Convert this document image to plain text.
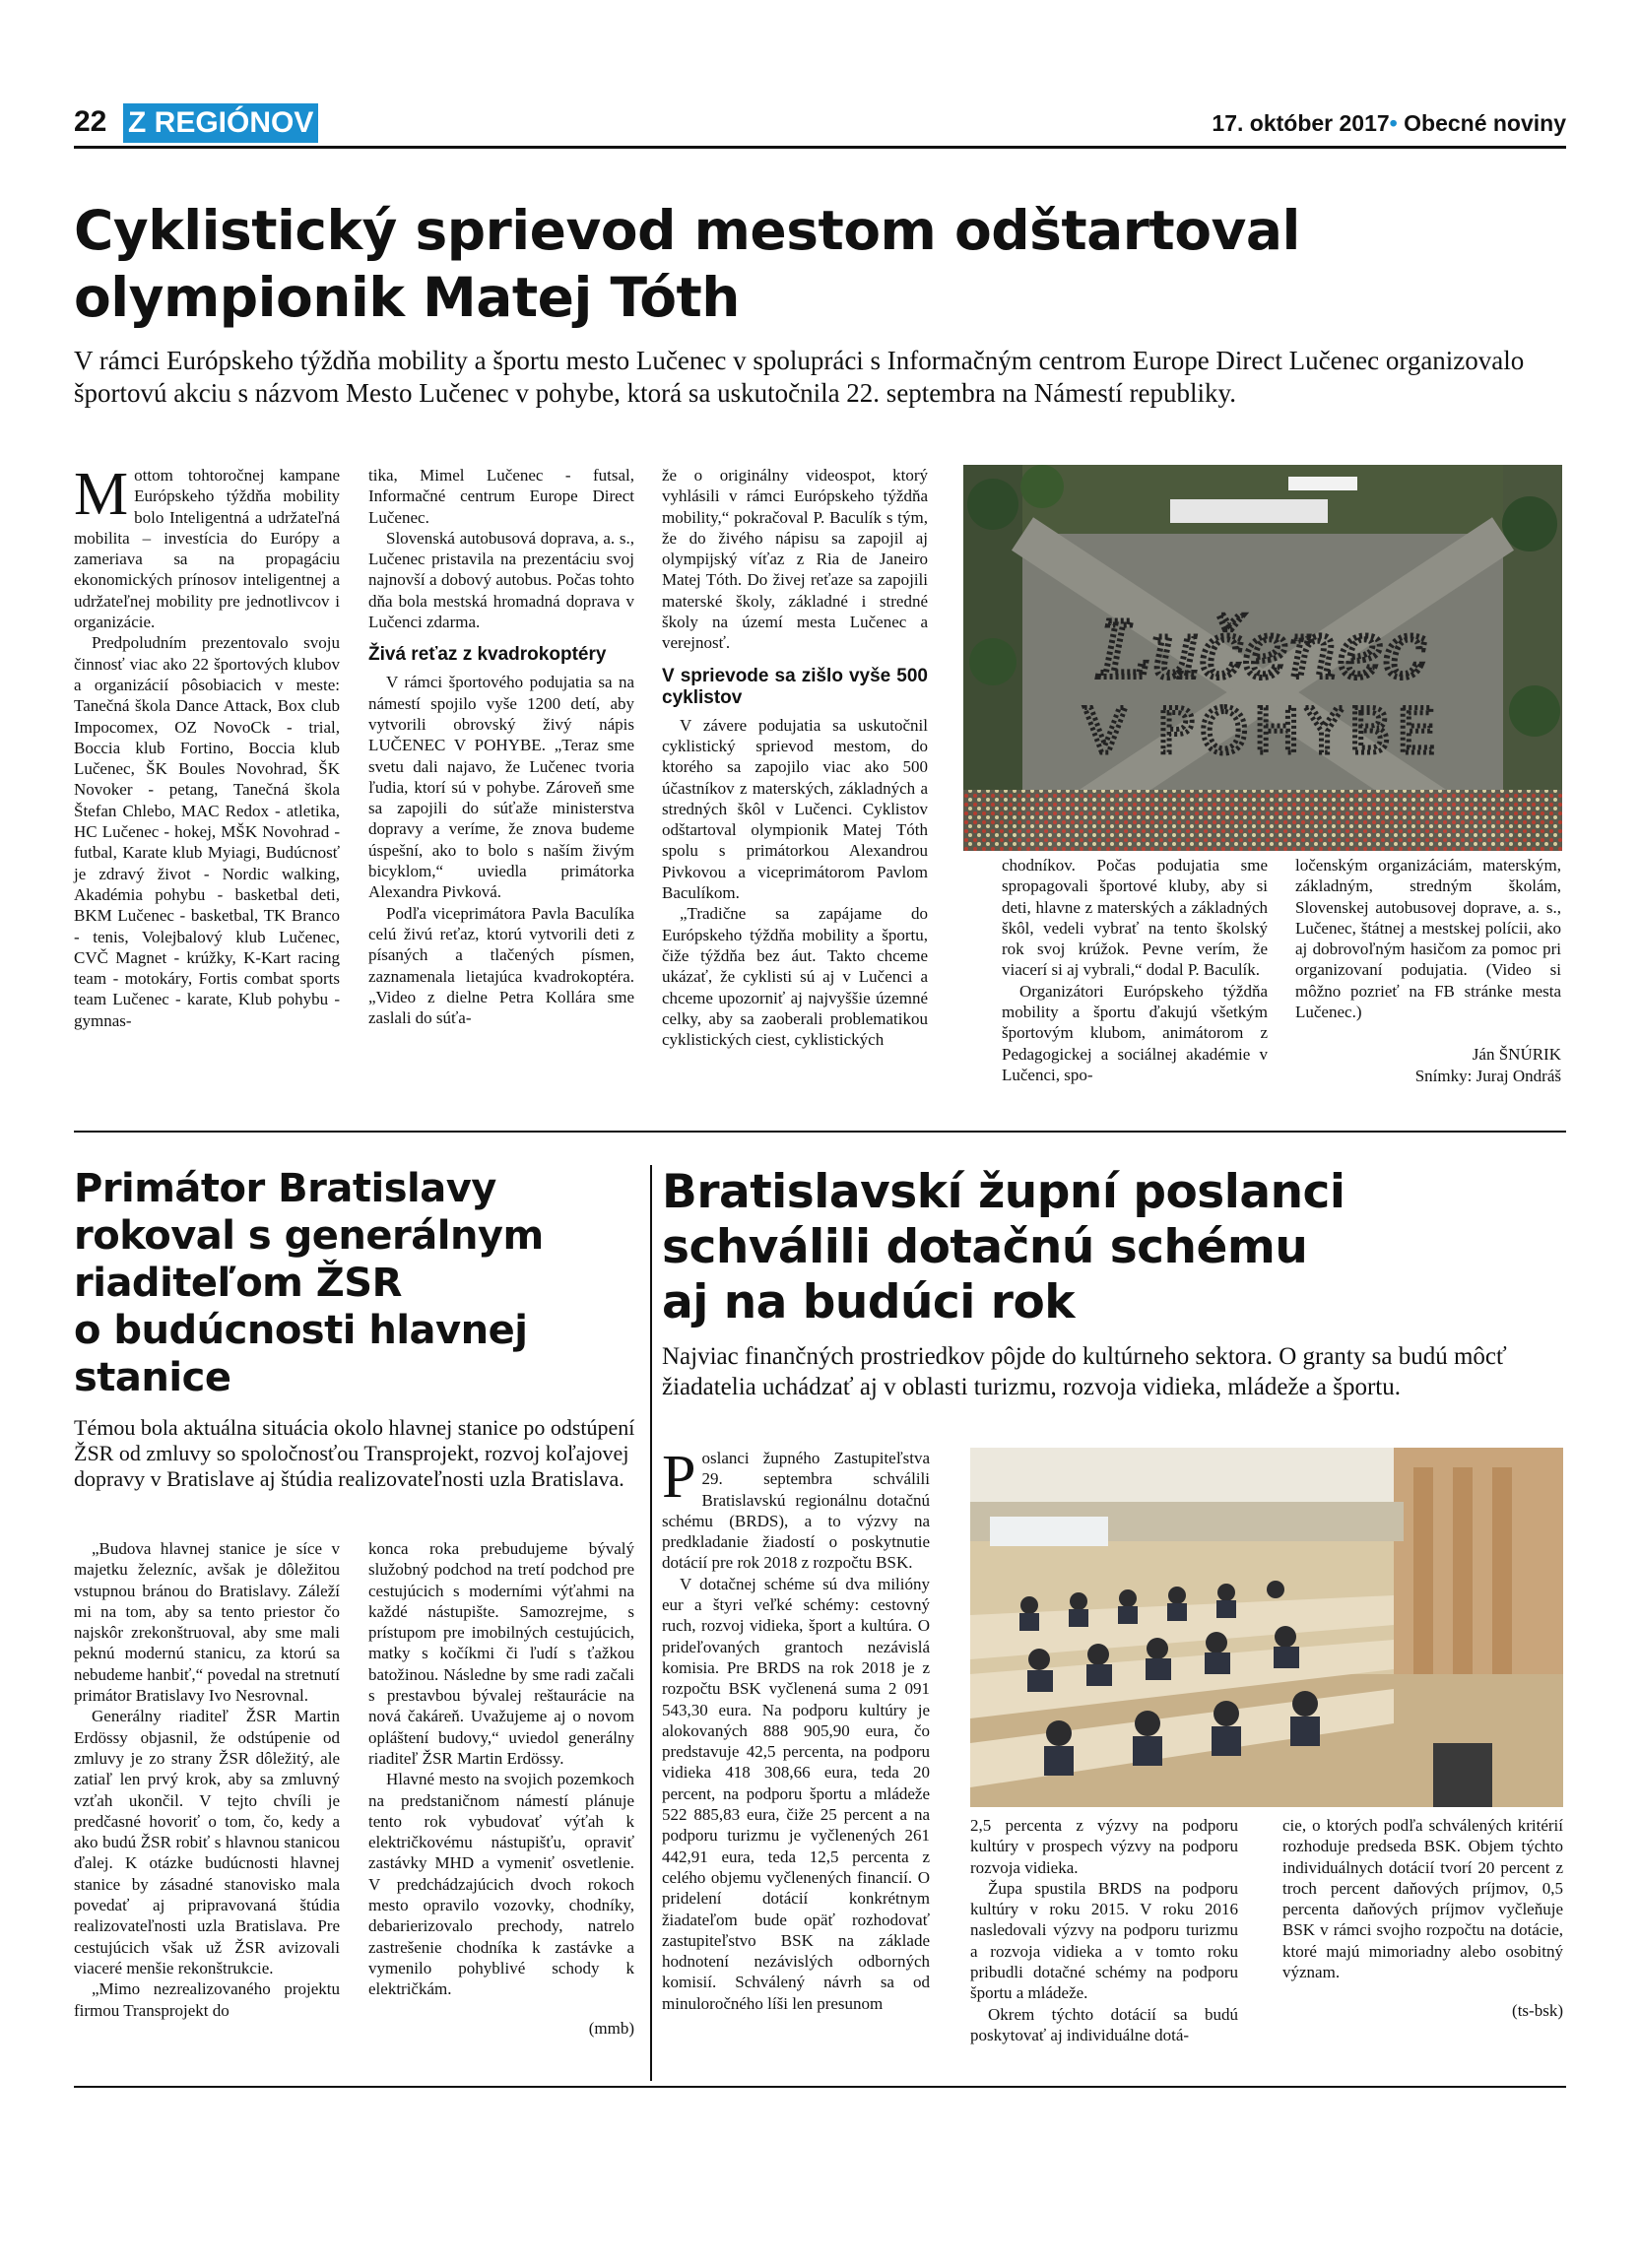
22 Z REGIÓNOV	17. október 2017• Obecné noviny
Cyklistický sprievod mestom odštartoval
olympionik Matej Tóth
V rámci Európskeho týždňa mobility a športu mesto Lučenec v spolupráci s Informačným centrom Europe Direct Lučenec organizovalo športovú akciu s názvom Mesto Lučenec v pohybe, ktorá sa uskutočnila 22. septembra na Námestí republiky.
M ottom tohtoročnej kampane Európskeho týždňa mobility bolo Inteligentná a udržateľná mobilita – investícia do Európy a zameriava sa na propagáciu ekonomických prínosov inteligentnej a udržateľnej mobility pre jednotlivcov i organizácie.

Predpoludním prezentovalo svoju činnosť viac ako 22 športových klubov a organizácií pôsobiacich v meste: Tanečná škola Dance Attack, Box club Impocomex, OZ NovoCk - trial, Boccia klub Fortino, Boccia klub Lučenec, ŠK Boules Novohrad, ŠK Novoker - petang, Tanečná škola Štefan Chlebo, MAC Redox - atletika, HC Lučenec - hokej, MŠK Novohrad - futbal, Karate klub Myiagi, Budúcnosť je zdravý život - Nordic walking, Akadémia pohybu - basketbal deti, BKM Lučenec - basketbal, TK Branco - tenis, Volejbalový klub Lučenec, CVČ Magnet - krúžky, K-Kart racing team - motokáry, Fortis combat sports team Lučenec - karate, Klub pohybu - gymnas-

tika, Mimel Lučenec - futsal, Informačné centrum Europe Direct Lučenec.

Slovenská autobusová doprava, a. s., Lučenec pristavila na prezentáciu svoj najnovší a dobový autobus. Počas tohto dňa bola mestská hromadná doprava v Lučenci zdarma.

Živá reťaz z kvadrokoptéry

V rámci športového podujatia sa na námestí spojilo vyše 1200 detí, aby vytvorili obrovský živý nápis LUČENEC V POHYBE. „Teraz sme svetu dali najavo, že Lučenec tvoria ľudia, ktorí sú v pohybe. Zároveň sme sa zapojili do súťaže ministerstva dopravy a veríme, že znova budeme úspešní, ako to bolo s naším živým bicyklom,“ uviedla primátorka Alexandra Pivková.

Podľa viceprimátora Pavla Baculíka celú živú reťaz, ktorú vytvorili deti z písaných a tlačených písmen, zaznamenala lietajúca kvadrokoptéra. „Video z dielne Petra Kollára sme zaslali do súťa-

že o originálny videospot, ktorý vyhlásili v rámci Európskeho týždňa mobility,“ pokračoval P. Baculík s tým, že do živého nápisu sa zapojil aj olympijský víťaz z Ria de Janeiro Matej Tóth. Do živej reťaze sa zapojili materské školy, základné i stredné školy na území mesta Lučenec a verejnosť.

V sprievode sa zišlo vyše 500 cyklistov

V závere podujatia sa uskutočnil cyklistický sprievod mestom, do ktorého sa zapojilo viac ako 500 účastníkov z materských, základných a stredných škôl v Lučenci. Cyklistov odštartoval olympionik Matej Tóth spolu s primátorkou Alexandrou Pivkovou a viceprimátorom Pavlom Baculíkom.

„Tradične sa zapájame do Európskeho týždňa mobility a športu, čiže týždňa bez áut. Takto chceme ukázať, že cyklisti sú aj v Lučenci a chceme upozorniť aj najvyššie územné celky, aby sa zaoberali problematikou cyklistických ciest, cyklistických

Lučenec
V POHYBE

chodníkov. Počas podujatia sme spropagovali športové kluby, aby si deti, hlavne z materských a základných škôl, vedeli vybrať na tento školský rok svoj krúžok. Pevne verím, že viacerí si aj vybrali,“ dodal P. Baculík.

Organizátori Európskeho týždňa mobility a športu ďakujú všetkým športovým klubom, animátorom z Pedagogickej a sociálnej akadémie v Lučenci, spo-

ločenským organizáciám, materským, základným, stredným školám, Slovenskej autobusovej doprave, a. s., Lučenec, štátnej a mestskej polícii, ako aj dobrovoľným hasičom za pomoc pri organizovaní podujatia. (Video si môžno pozrieť na FB stránke mesta Lučenec.)

Ján ŠNÚRIK

Snímky: Juraj Ondráš

Primátor Bratislavy
rokoval s generálnym
riaditeľom ŽSR
o budúcnosti hlavnej
stanice
Témou bola aktuálna situácia okolo hlavnej stanice po odstúpení ŽSR od zmluvy so spoločnosťou Transprojekt, rozvoj koľajovej dopravy v Bratislave aj štúdia realizovateľnosti uzla Bratislava.

„Budova hlavnej stanice je síce v majetku železníc, avšak je dôležitou vstupnou bránou do Bratislavy. Záleží mi na tom, aby sa tento priestor čo najskôr zrekonštruoval, aby sme mali peknú modernú stanicu, za ktorú sa nebudeme hanbiť,“ povedal na stretnutí primátor Bratislavy Ivo Nesrovnal.

Generálny riaditeľ ŽSR Martin Erdössy objasnil, že odstúpenie od zmluvy je zo strany ŽSR dôležitý, ale zatiaľ len prvý krok, aby sa zmluvný vzťah ukončil. V tejto chvíli je predčasné hovoriť o tom, čo, kedy a ako budú ŽSR robiť s hlavnou stanicou ďalej. K otázke budúcnosti hlavnej stanice by zásadné stanovisko mala povedať aj pripravovaná štúdia realizovateľnosti uzla Bratislava. Pre cestujúcich však už ŽSR avizovali viaceré menšie rekonštrukcie.

„Mimo nezrealizovaného projektu firmou Transprojekt do

konca roka prebudujeme bývalý služobný podchod na tretí podchod pre cestujúcich s moderními výťahmi na každé nástupište. Samozrejme, s prístupom pre imobilných cestujúcich, matky s kočíkmi či ľudí s ťažkou batožinou. Následne by sme radi začali s prestavbou bývalej reštaurácie na nová čakáreň. Uvažujeme aj o novom opláštení budovy,“ uviedol generálny riaditeľ ŽSR Martin Erdössy.

Hlavné mesto na svojich pozemkoch na predstaničnom námestí plánuje tento rok vybudovať výťah k električkovému nástupišťu, opraviť zastávky MHD a vymeniť osvetlenie. V predchádzajúcich dvoch rokoch mesto opravilo vozovky, chodníky, debarierizovalo prechody, natrelo zastrešenie chodníka k zastávke a vymenilo pohyblivé schody k električkám.

(mmb)

Bratislavskí župní poslanci
schválili dotačnú schému
aj na budúci rok
Najviac finančných prostriedkov pôjde do kultúrneho sektora. O granty sa budú môcť žiadatelia uchádzať aj v oblasti turizmu, rozvoja vidieka, mládeže a športu.
P oslanci župného Zastupiteľstva 29. septembra schválili Bratislavskú regionálnu dotačnú schému (BRDS), a to výzvy na predkladanie žiadostí o poskytnutie dotácií pre rok 2018 z rozpočtu BSK.

V dotačnej schéme sú dva milióny eur a štyri veľké schémy: cestovný ruch, rozvoj vidieka, šport a kultúra. O prideľovaných grantoch nezávislá komisia. Pre BRDS na rok 2018 je z rozpočtu BSK vyčlenená suma 2 091 543,30 eura. Na podporu kultúry je alokovaných 888 905,90 eura, čo predstavuje 42,5 percenta, na podporu vidieka 418 308,66 eura, teda 20 percent, na podporu športu a mládeže 522 885,83 eura, čiže 25 percent a na podporu turizmu je vyčlenených 261 442,91 eura, teda 12,5 percenta z celého objemu vyčlenených financií. O pridelení dotácií konkrétnym žiadateľom bude opäť rozhodovať zastupiteľstvo BSK na základe hodnotení nezávislých odborných komisií. Schválený návrh sa od minuloročného líši len presunom

2,5 percenta z výzvy na podporu kultúry v prospech výzvy na podporu rozvoja vidieka.

Župa spustila BRDS na podporu kultúry v roku 2015. V roku 2016 nasledovali výzvy na podporu turizmu a rozvoja vidieka a v tomto roku pribudli dotačné schémy na podporu športu a mládeže.

Okrem týchto dotácií sa budú poskytovať aj individuálne dotá-

cie, o ktorých podľa schválených kritérií rozhoduje predseda BSK. Objem týchto individuálnych dotácií tvorí 20 percent z troch percent daňových príjmov, 0,5 percenta daňových príjmov vyčleňuje BSK v rámci svojho rozpočtu na dotácie, ktoré majú mimoriadny alebo osobitný význam.

(ts-bsk)
